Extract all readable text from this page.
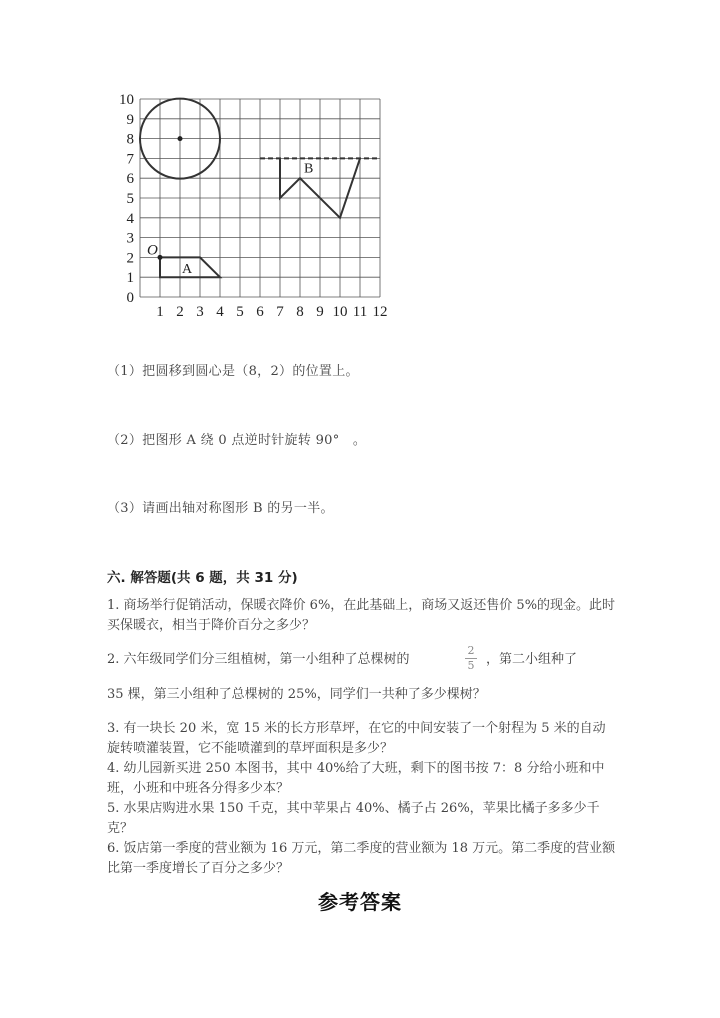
0
1
2
3
4
5
6
7
8
9
10
1 2 3 4 5 6 7 8 9 10 11 12
O
A
B
（1）把圆移到圆心是（8，2）的位置上。
（2）把图形 A 绕 0 点逆时针旋转 90°　。
（3）请画出轴对称图形 B 的另一半。
六. 解答题(共 6 题，共 31 分)
1. 商场举行促销活动，保暖衣降价 6%，在此基础上，商场又返还售价 5%的现金。此时买保暖衣，相当于降价百分之多少？
2. 六年级同学们分三组植树，第一小组种了总棵树的
2
5 ，第二小组种了
35 棵，第三小组种了总棵树的 25%，同学们一共种了多少棵树？
3. 有一块长 20 米，宽 15 米的长方形草坪，在它的中间安装了一个射程为 5 米的自动旋转喷灌装置，它不能喷灌到的草坪面积是多少？
4. 幼儿园新买进 250 本图书，其中 40%给了大班，剩下的图书按 7：8 分给小班和中班，小班和中班各分得多少本？
5. 水果店购进水果 150 千克，其中苹果占 40%、橘子占 26%，苹果比橘子多多少千克？
6. 饭店第一季度的营业额为 16 万元，第二季度的营业额为 18 万元。第二季度的营业额比第一季度增长了百分之多少？
参考答案
